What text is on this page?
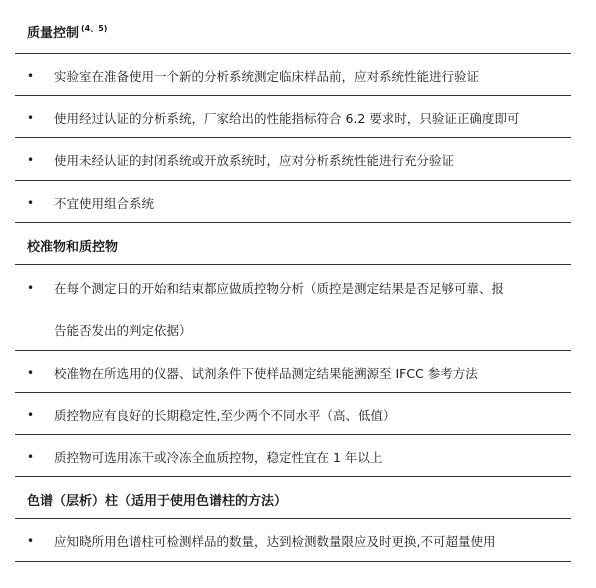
质量控制 $^{(4、5)}$
• 实验室在准备使用一个新的分析系统测定临床样品前，应对系统性能进行验证
• 使用经过认证的分析系统，厂家给出的性能指标符合 6.2 要求时，只验证正确度即可
• 使用未经认证的封闭系统或开放系统时，应对分析系统性能进行充分验证
• 不宜使用组合系统
校准物和质控物
• 在每个测定日的开始和结束都应做质控物分析（质控是测定结果是否足够可靠、报
告能否发出的判定依据）
• 校准物在所选用的仪器、试剂条件下使样品测定结果能溯源至 IFCC 参考方法
• 质控物应有良好的长期稳定性,至少两个不同水平（高、低值）
• 质控物可选用冻干或冷冻全血质控物，稳定性宜在 1 年以上
色谱（层析）柱（适用于使用色谱柱的方法）
• 应知晓所用色谱柱可检测样品的数量，达到检测数量限应及时更换,不可超量使用
